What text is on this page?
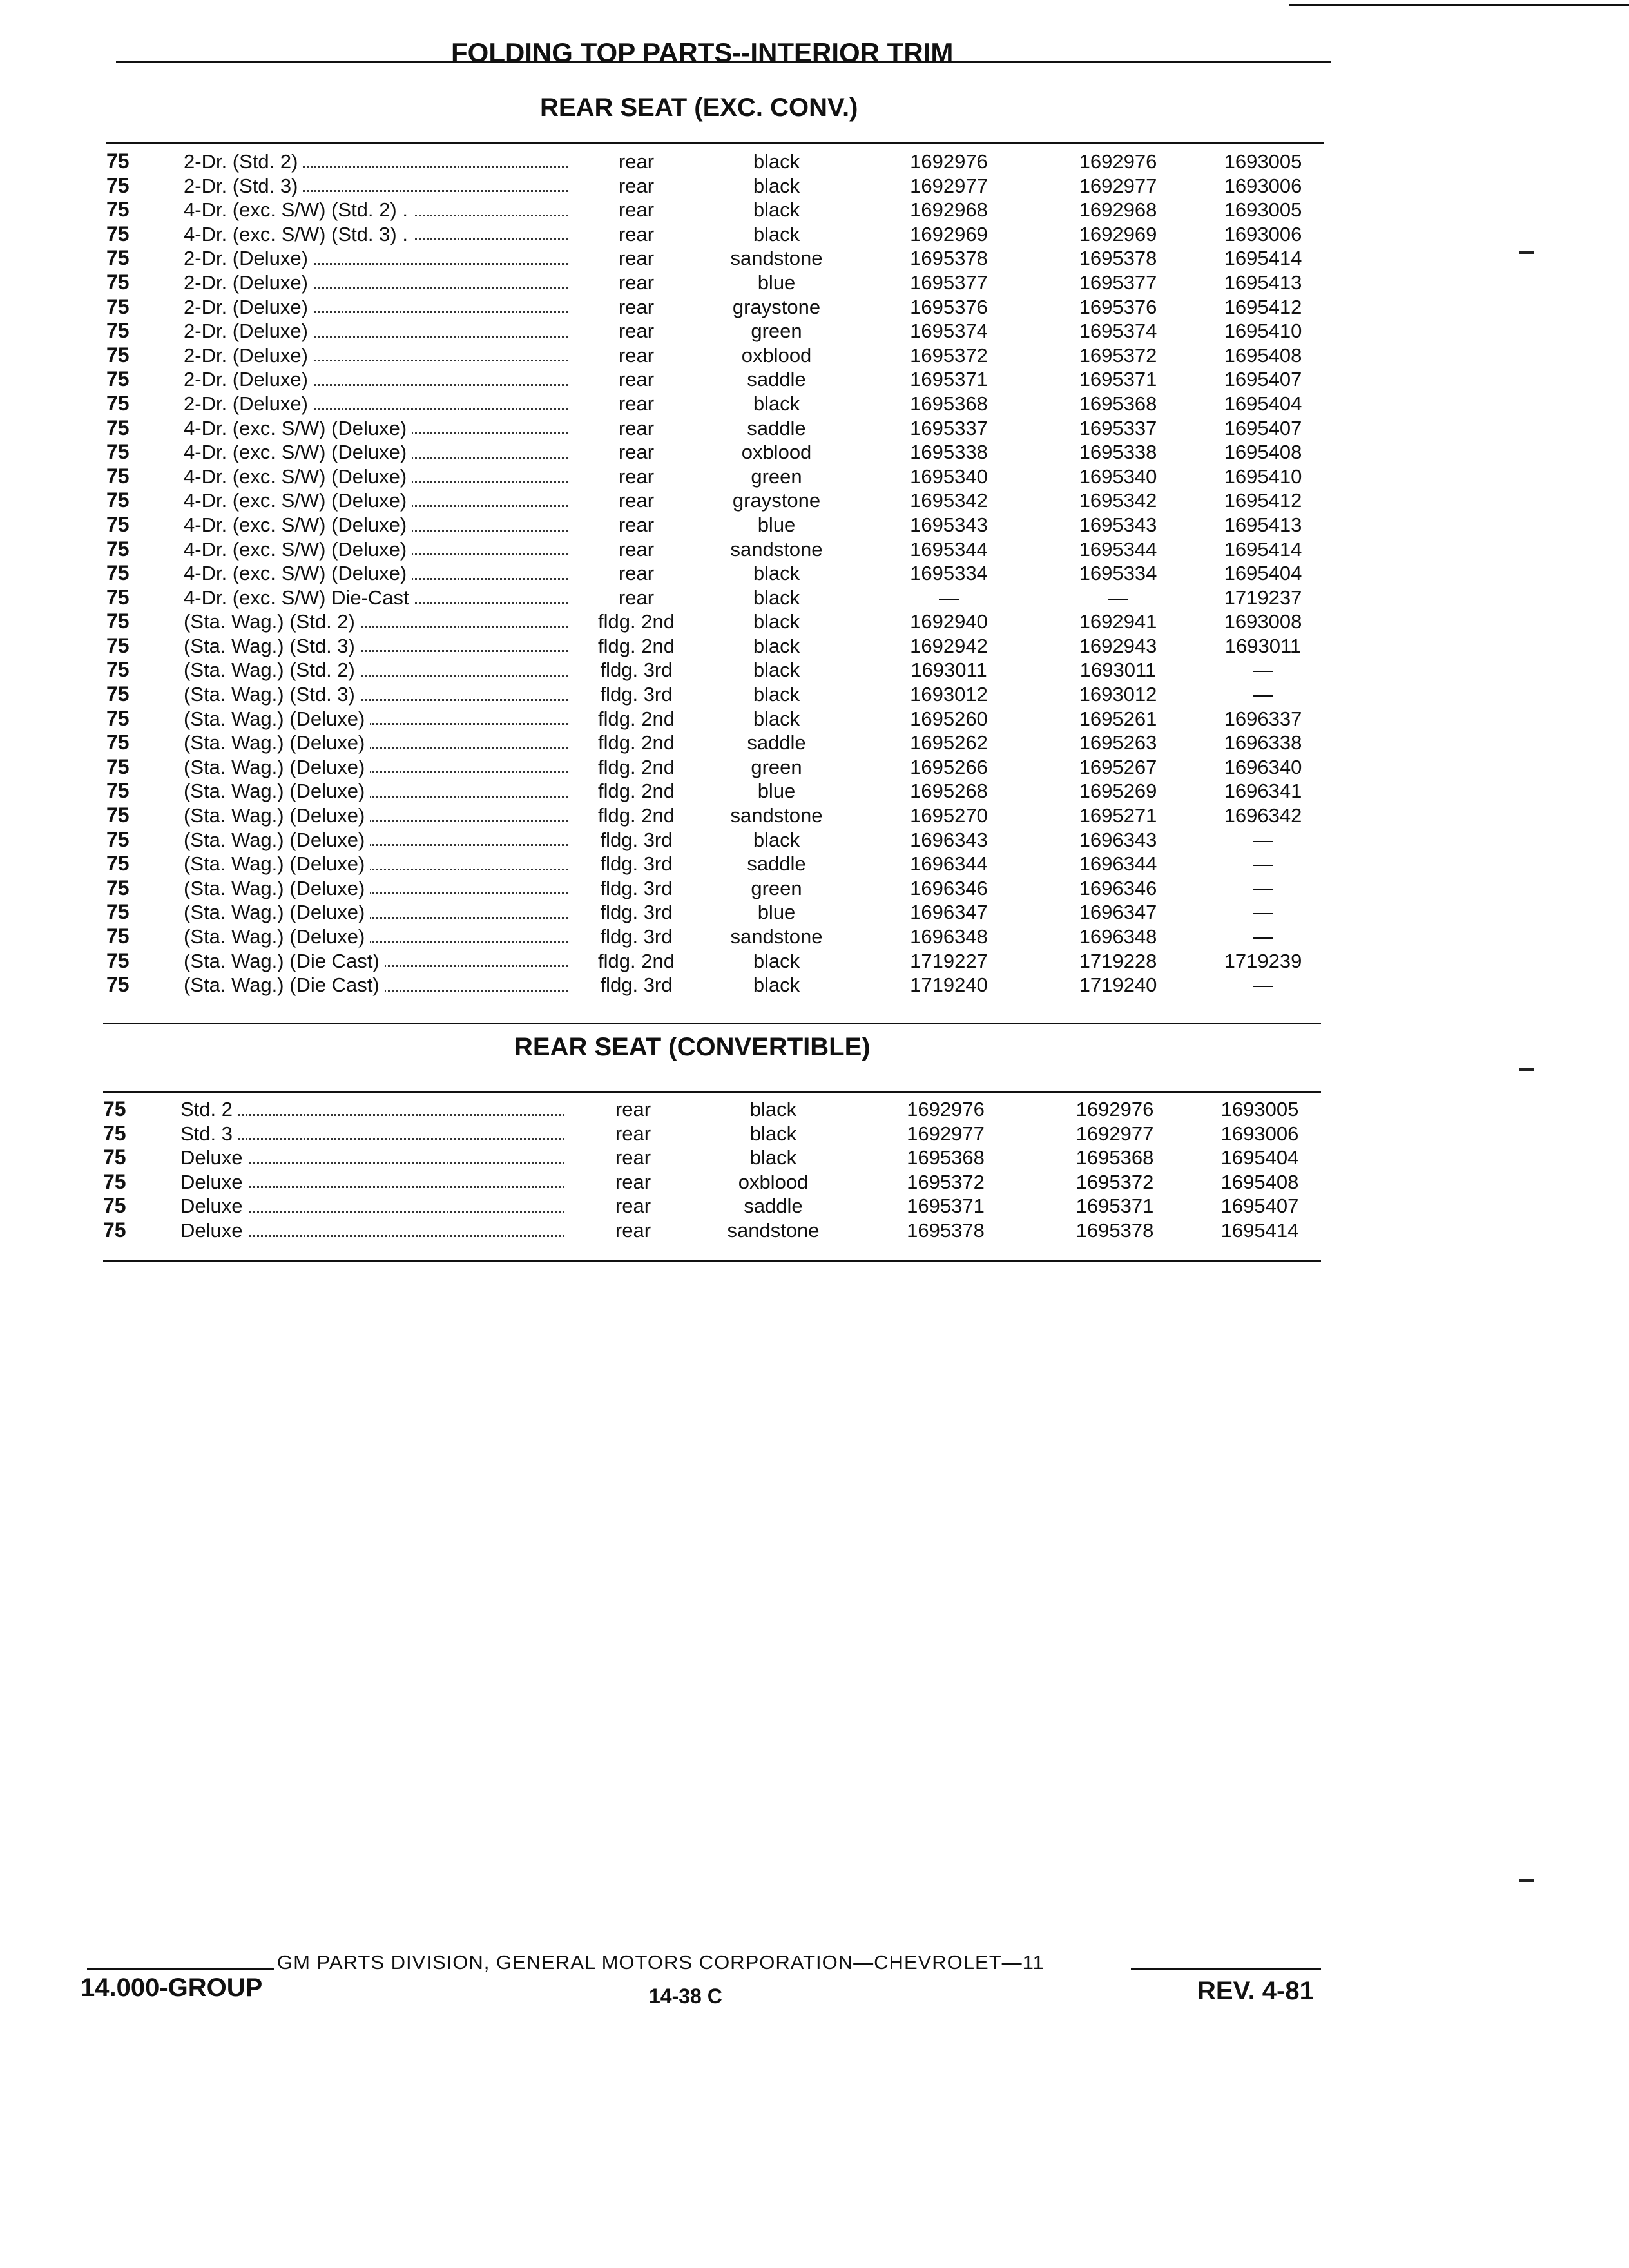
FOLDING TOP PARTS--INTERIOR TRIM
REAR SEAT (EXC. CONV.)
75	2-Dr. (Std. 2)	rear	black	1692976	1692976	1693005
75	2-Dr. (Std. 3)	rear	black	1692977	1692977	1693006
75	4-Dr. (exc. S/W) (Std. 2) .	rear	black	1692968	1692968	1693005
75	4-Dr. (exc. S/W) (Std. 3) .	rear	black	1692969	1692969	1693006
75	2-Dr. (Deluxe)	rear	sandstone	1695378	1695378	1695414
75	2-Dr. (Deluxe)	rear	blue	1695377	1695377	1695413
75	2-Dr. (Deluxe)	rear	graystone	1695376	1695376	1695412
75	2-Dr. (Deluxe)	rear	green	1695374	1695374	1695410
75	2-Dr. (Deluxe)	rear	oxblood	1695372	1695372	1695408
75	2-Dr. (Deluxe)	rear	saddle	1695371	1695371	1695407
75	2-Dr. (Deluxe)	rear	black	1695368	1695368	1695404
75	4-Dr. (exc. S/W) (Deluxe)	rear	saddle	1695337	1695337	1695407
75	4-Dr. (exc. S/W) (Deluxe)	rear	oxblood	1695338	1695338	1695408
75	4-Dr. (exc. S/W) (Deluxe)	rear	green	1695340	1695340	1695410
75	4-Dr. (exc. S/W) (Deluxe)	rear	graystone	1695342	1695342	1695412
75	4-Dr. (exc. S/W) (Deluxe)	rear	blue	1695343	1695343	1695413
75	4-Dr. (exc. S/W) (Deluxe)	rear	sandstone	1695344	1695344	1695414
75	4-Dr. (exc. S/W) (Deluxe)	rear	black	1695334	1695334	1695404
75	4-Dr. (exc. S/W) Die-Cast	rear	black	—	—	1719237
75	(Sta. Wag.) (Std. 2)	fldg. 2nd	black	1692940	1692941	1693008
75	(Sta. Wag.) (Std. 3)	fldg. 2nd	black	1692942	1692943	1693011
75	(Sta. Wag.) (Std. 2)	fldg. 3rd	black	1693011	1693011	—
75	(Sta. Wag.) (Std. 3)	fldg. 3rd	black	1693012	1693012	—
75	(Sta. Wag.) (Deluxe)	fldg. 2nd	black	1695260	1695261	1696337
75	(Sta. Wag.) (Deluxe)	fldg. 2nd	saddle	1695262	1695263	1696338
75	(Sta. Wag.) (Deluxe)	fldg. 2nd	green	1695266	1695267	1696340
75	(Sta. Wag.) (Deluxe)	fldg. 2nd	blue	1695268	1695269	1696341
75	(Sta. Wag.) (Deluxe)	fldg. 2nd	sandstone	1695270	1695271	1696342
75	(Sta. Wag.) (Deluxe)	fldg. 3rd	black	1696343	1696343	—
75	(Sta. Wag.) (Deluxe)	fldg. 3rd	saddle	1696344	1696344	—
75	(Sta. Wag.) (Deluxe)	fldg. 3rd	green	1696346	1696346	—
75	(Sta. Wag.) (Deluxe)	fldg. 3rd	blue	1696347	1696347	—
75	(Sta. Wag.) (Deluxe)	fldg. 3rd	sandstone	1696348	1696348	—
75	(Sta. Wag.) (Die Cast)	fldg. 2nd	black	1719227	1719228	1719239
75	(Sta. Wag.) (Die Cast)	fldg. 3rd	black	1719240	1719240	—
REAR SEAT (CONVERTIBLE)
75	Std. 2	rear	black	1692976	1692976	1693005
75	Std. 3	rear	black	1692977	1692977	1693006
75	Deluxe	rear	black	1695368	1695368	1695404
75	Deluxe	rear	oxblood	1695372	1695372	1695408
75	Deluxe	rear	saddle	1695371	1695371	1695407
75	Deluxe	rear	sandstone	1695378	1695378	1695414
GM PARTS DIVISION, GENERAL MOTORS CORPORATION—CHEVROLET—11
14.000-GROUP	14-38 C	REV. 4-81
